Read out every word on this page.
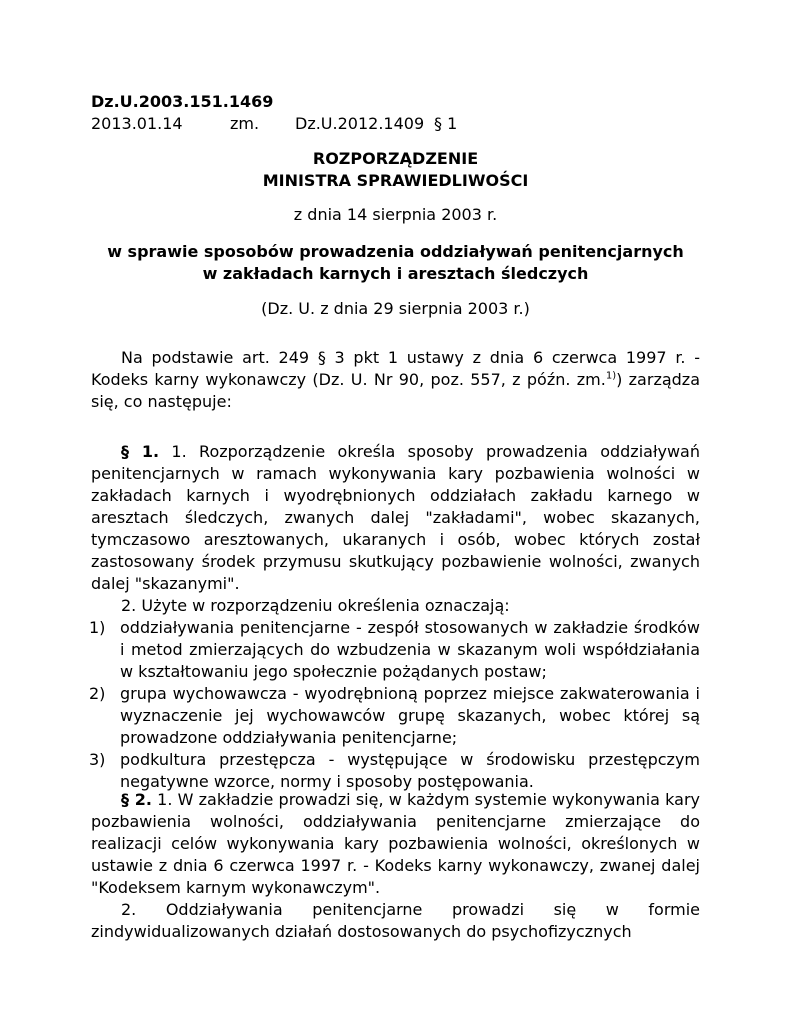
Dz.U.2003.151.1469
2013.01.14	zm. Dz.U.2012.1409 § 1
ROZPORZĄDZENIE
MINISTRA SPRAWIEDLIWOŚCI
z dnia 14 sierpnia 2003 r.
w sprawie sposobów prowadzenia oddziaływań penitencjarnych
w zakładach karnych i aresztach śledczych
(Dz. U. z dnia 29 sierpnia 2003 r.)
Na podstawie art. 249 § 3 pkt 1 ustawy z dnia 6 czerwca 1997 r. - Kodeks karny wykonawczy (Dz. U. Nr 90, poz. 557, z późn. zm.$^{1)}$) zarządza się, co następuje:
§ 1. 1. Rozporządzenie określa sposoby prowadzenia oddziaływań penitencjarnych w ramach wykonywania kary pozbawienia wolności w zakładach karnych i wyodrębnionych oddziałach zakładu karnego w aresztach śledczych, zwanych dalej "zakładami", wobec skazanych, tymczasowo aresztowanych, ukaranych i osób, wobec których został zastosowany środek przymusu skutkujący pozbawienie wolności, zwanych dalej "skazanymi".
2. Użyte w rozporządzeniu określenia oznaczają:
1) oddziaływania penitencjarne - zespół stosowanych w zakładzie środków i metod zmierzających do wzbudzenia w skazanym woli współdziałania w kształtowaniu jego społecznie pożądanych postaw;
2) grupa wychowawcza - wyodrębnioną poprzez miejsce zakwaterowania i wyznaczenie jej wychowawców grupę skazanych, wobec której są prowadzone oddziaływania penitencjarne;
3) podkultura przestępcza - występujące w środowisku przestępczym negatywne wzorce, normy i sposoby postępowania.
§ 2. 1. W zakładzie prowadzi się, w każdym systemie wykonywania kary pozbawienia wolności, oddziaływania penitencjarne zmierzające do realizacji celów wykonywania kary pozbawienia wolności, określonych w ustawie z dnia 6 czerwca 1997 r. - Kodeks karny wykonawczy, zwanej dalej "Kodeksem karnym wykonawczym".
2. Oddziaływania penitencjarne prowadzi się w formie zindywidualizowanych działań dostosowanych do psychofizycznych
